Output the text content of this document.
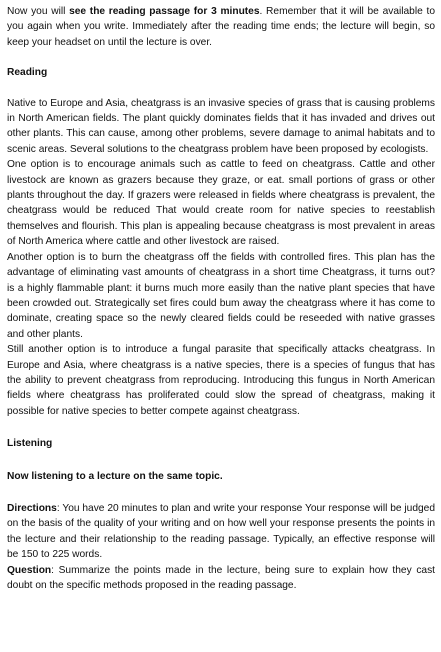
Now you will see the reading passage for 3 minutes. Remember that it will be available to you again when you write. Immediately after the reading time ends; the lecture will begin, so keep your headset on until the lecture is over.

Reading

Native to Europe and Asia, cheatgrass is an invasive species of grass that is causing problems in North American fields. The plant quickly dominates fields that it has invaded and drives out other plants. This can cause, among other problems, severe damage to animal habitats and to scenic areas. Several solutions to the cheatgrass problem have been proposed by ecologists.

One option is to encourage animals such as cattle to feed on cheatgrass. Cattle and other livestock are known as grazers because they graze, or eat. small portions of grass or other plants throughout the day. If grazers were released in fields where cheatgrass is prevalent, the cheatgrass would be reduced That would create room for native species to reestablish themselves and flourish. This plan is appealing because cheatgrass is most prevalent in areas of North America where cattle and other livestock are raised.

Another option is to burn the cheatgrass off the fields with controlled fires. This plan has the advantage of eliminating vast amounts of cheatgrass in a short time Cheatgrass, it turns out? is a highly flammable plant: it burns much more easily than the native plant species that have been crowded out. Strategically set fires could bum away the cheatgrass where it has come to dominate, creating space so the newly cleared fields could be reseeded with native grasses and other plants.

Still another option is to introduce a fungal parasite that specifically attacks cheatgrass. In Europe and Asia, where cheatgrass is a native species, there is a species of fungus that has the ability to prevent cheatgrass from reproducing. Introducing this fungus in North American fields where cheatgrass has proliferated could slow the spread of cheatgrass, making it possible for native species to better compete against cheatgrass.

Listening

Now listening to a lecture on the same topic.

Directions: You have 20 minutes to plan and write your response Your response will be judged on the basis of the quality of your writing and on how well your response presents the points in the lecture and their relationship to the reading passage. Typically, an effective response will be 150 to 225 words.

Question: Summarize the points made in the lecture, being sure to explain how they cast doubt on the specific methods proposed in the reading passage.
